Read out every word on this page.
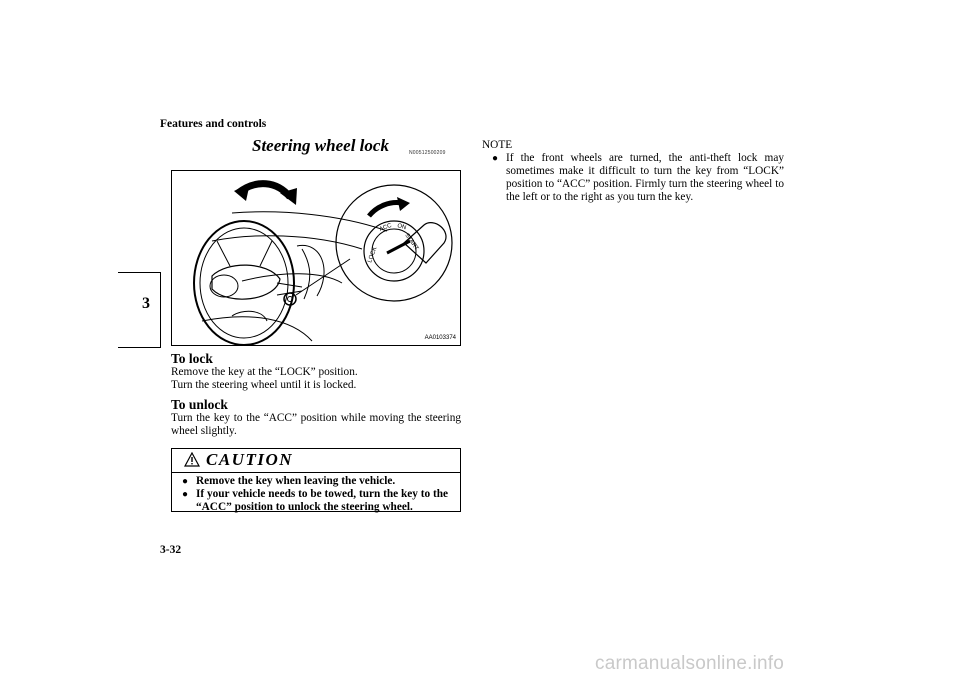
Features and controls
3
Steering wheel lock	N00512500209
LOCK
ACC ON
START
AA0103374
To lock
Remove the key at the “LOCK” position.
Turn the steering wheel until it is locked.
To unlock
Turn the key to the “ACC” position while moving the steering wheel slightly.
CAUTION
● Remove the key when leaving the vehicle.
● If your vehicle needs to be towed, turn the key to the “ACC” position to unlock the steering wheel.
NOTE
● If the front wheels are turned, the anti-theft lock may sometimes make it difficult to turn the key from “LOCK” position to “ACC” position. Firmly turn the steering wheel to the left or to the right as you turn the key.
3-32
carmanualsonline.info
